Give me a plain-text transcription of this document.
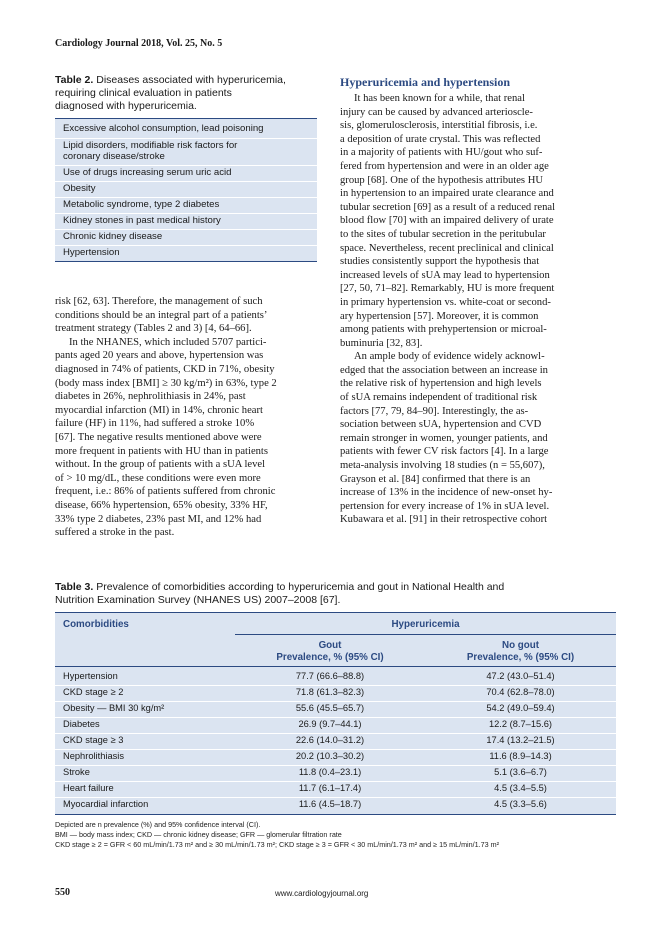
Cardiology Journal 2018, Vol. 25, No. 5
Table 2. Diseases associated with hyperuricemia,
requiring clinical evaluation in patients
diagnosed with hyperuricemia.
Excessive alcohol consumption, lead poisoning
Lipid disorders, modifiable risk factors for
coronary disease/stroke
Use of drugs increasing serum uric acid
Obesity
Metabolic syndrome, type 2 diabetes
Kidney stones in past medical history
Chronic kidney disease
Hypertension
risk [62, 63]. Therefore, the management of such
conditions should be an integral part of a patients’
treatment strategy (Tables 2 and 3) [4, 64–66].
In the NHANES, which included 5707 partici-
pants aged 20 years and above, hypertension was
diagnosed in 74% of patients, CKD in 71%, obesity
(body mass index [BMI] ≥ 30 kg/m²) in 63%, type 2
diabetes in 26%, nephrolithiasis in 24%, past
myocardial infarction (MI) in 14%, chronic heart
failure (HF) in 11%, had suffered a stroke 10%
[67]. The negative results mentioned above were
more frequent in patients with HU than in patients
without. In the group of patients with a sUA level
of > 10 mg/dL, these conditions were even more
frequent, i.e.: 86% of patients suffered from chronic
disease, 66% hypertension, 65% obesity, 33% HF,
33% type 2 diabetes, 23% past MI, and 12% had
suffered a stroke in the past.
Hyperuricemia and hypertension
It has been known for a while, that renal
injury can be caused by advanced arterioscle-
sis, glomerulosclerosis, interstitial fibrosis, i.e.
a deposition of urate crystal. This was reflected
in a majority of patients with HU/gout who suf-
fered from hypertension and were in an older age
group [68]. One of the hypothesis attributes HU
in hypertension to an impaired urate clearance and
tubular secretion [69] as a result of a reduced renal
blood flow [70] with an impaired delivery of urate
to the sites of tubular secretion in the peritubular
space. Nevertheless, recent preclinical and clinical
studies consistently support the hypothesis that
increased levels of sUA may lead to hypertension
[27, 50, 71–82]. Remarkably, HU is more frequent
in primary hypertension vs. white-coat or second-
ary hypertension [57]. Moreover, it is common
among patients with prehypertension or microal-
buminuria [32, 83].
An ample body of evidence widely acknowl-
edged that the association between an increase in
the relative risk of hypertension and high levels
of sUA remains independent of traditional risk
factors [77, 79, 84–90]. Interestingly, the as-
sociation between sUA, hypertension and CVD
remain stronger in women, younger patients, and
patients with fewer CV risk factors [4]. In a large
meta-analysis involving 18 studies (n = 55,607),
Grayson et al. [84] confirmed that there is an
increase of 13% in the incidence of new-onset hy-
pertension for every increase of 1% in sUA level.
Kubawara et al. [91] in their retrospective cohort
Table 3. Prevalence of comorbidities according to hyperuricemia and gout in National Health and
Nutrition Examination Survey (NHANES US) 2007–2008 [67].
Comorbidities	Hyperuricemia
Gout
Prevalence, % (95% CI)
No gout
Prevalence, % (95% CI)
Hypertension	77.7 (66.6–88.8)	47.2 (43.0–51.4)
CKD stage ≥ 2	71.8 (61.3–82.3)	70.4 (62.8–78.0)
Obesity — BMI 30 kg/m²	55.6 (45.5–65.7)	54.2 (49.0–59.4)
Diabetes	26.9 (9.7–44.1)	12.2 (8.7–15.6)
CKD stage ≥ 3	22.6 (14.0–31.2)	17.4 (13.2–21.5)
Nephrolithiasis	20.2 (10.3–30.2)	11.6 (8.9–14.3)
Stroke	11.8 (0.4–23.1)	5.1 (3.6–6.7)
Heart failure	11.7 (6.1–17.4)	4.5 (3.4–5.5)
Myocardial infarction	11.6 (4.5–18.7)	4.5 (3.3–5.6)
Depicted are n prevalence (%) and 95% confidence interval (CI).
BMI — body mass index; CKD — chronic kidney disease; GFR — glomerular filtration rate
CKD stage ≥ 2 = GFR < 60 mL/min/1.73 m² and ≥ 30 mL/min/1.73 m²; CKD stage ≥ 3 = GFR < 30 mL/min/1.73 m² and ≥ 15 mL/min/1.73 m²
550	www.cardiologyjournal.org
